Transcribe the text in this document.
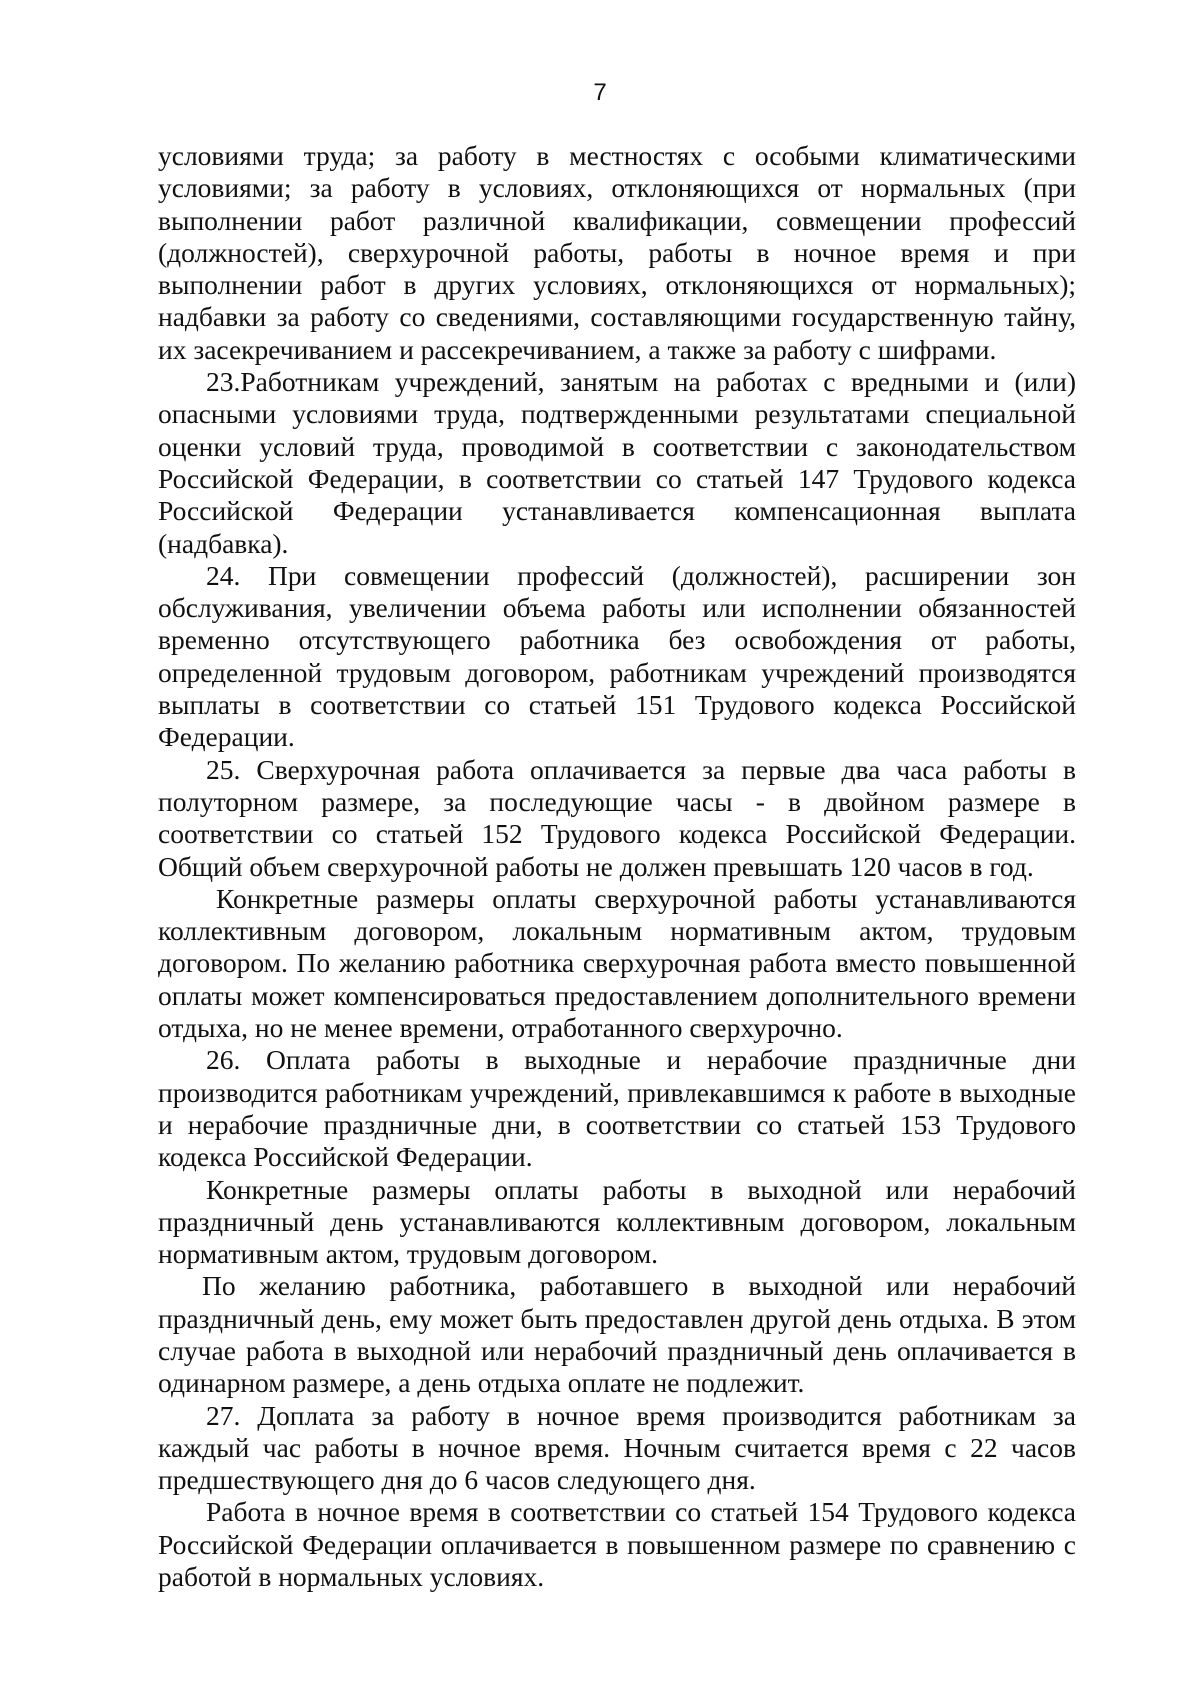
7

условиями труда; за работу в местностях с особыми климатическими условиями; за работу в условиях, отклоняющихся от нормальных (при выполнении работ различной квалификации, совмещении профессий (должностей), сверхурочной работы, работы в ночное время и при выполнении работ в других условиях, отклоняющихся от нормальных); надбавки за работу со сведениями, составляющими государственную тайну, их засекречиванием и рассекречиванием, а также за работу с шифрами.

23.Работникам учреждений, занятым на работах с вредными и (или) опасными условиями труда, подтвержденными результатами специальной оценки условий труда, проводимой в соответствии с законодательством Российской Федерации, в соответствии со статьей 147 Трудового кодекса Российской Федерации устанавливается компенсационная выплата (надбавка).

24. При совмещении профессий (должностей), расширении зон обслуживания, увеличении объема работы или исполнении обязанностей временно отсутствующего работника без освобождения от работы, определенной трудовым договором, работникам учреждений производятся выплаты в соответствии со статьей 151 Трудового кодекса Российской Федерации.

25. Сверхурочная работа оплачивается за первые два часа работы в полуторном размере, за последующие часы - в двойном размере в соответствии со статьей 152 Трудового кодекса Российской Федерации. Общий объем сверхурочной работы не должен превышать 120 часов в год.

Конкретные размеры оплаты сверхурочной работы устанавливаются коллективным договором, локальным нормативным актом, трудовым договором. По желанию работника сверхурочная работа вместо повышенной оплаты может компенсироваться предоставлением дополнительного времени отдыха, но не менее времени, отработанного сверхурочно.

26. Оплата работы в выходные и нерабочие праздничные дни производится работникам учреждений, привлекавшимся к работе в выходные и нерабочие праздничные дни, в соответствии со статьей 153 Трудового кодекса Российской Федерации.

Конкретные размеры оплаты работы в выходной или нерабочий праздничный день устанавливаются коллективным договором, локальным нормативным актом, трудовым договором.

По желанию работника, работавшего в выходной или нерабочий праздничный день, ему может быть предоставлен другой день отдыха. В этом случае работа в выходной или нерабочий праздничный день оплачивается в одинарном размере, а день отдыха оплате не подлежит.

27. Доплата за работу в ночное время производится работникам за каждый час работы в ночное время. Ночным считается время с 22 часов предшествующего дня до 6 часов следующего дня.

Работа в ночное время в соответствии со статьей 154 Трудового кодекса Российской Федерации оплачивается в повышенном размере по сравнению с работой в нормальных условиях.
